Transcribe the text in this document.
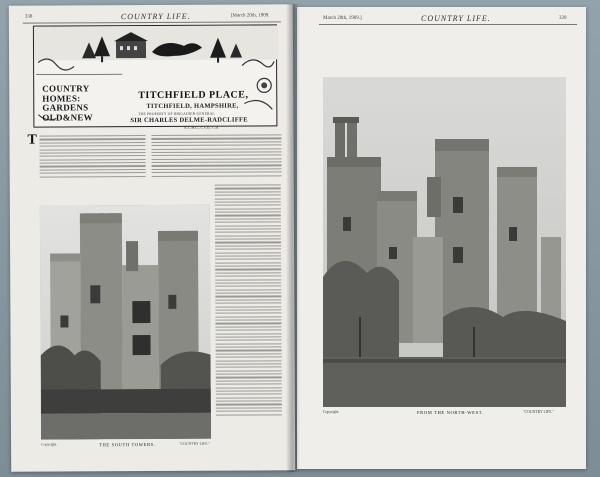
338	COUNTRY LIFE.	[March 20th, 1909.
COUNTRY
HOMES:
GARDENS
OLD&NEW
TITCHFIELD PLACE,
TITCHFIELD, HAMPSHIRE,
THE PROPERTY OF BRIGADIER-GENERAL
SIR CHARLES DELME-RADCLIFFE
K.C.M.G., C.V.O., C.B.
T
Copyright.	THE SOUTH TOWERS.	"COUNTRY LIFE."
March 20th, 1909.]	COUNTRY LIFE.	339
Copyright.	FROM THE NORTH-WEST.	"COUNTRY LIFE."
